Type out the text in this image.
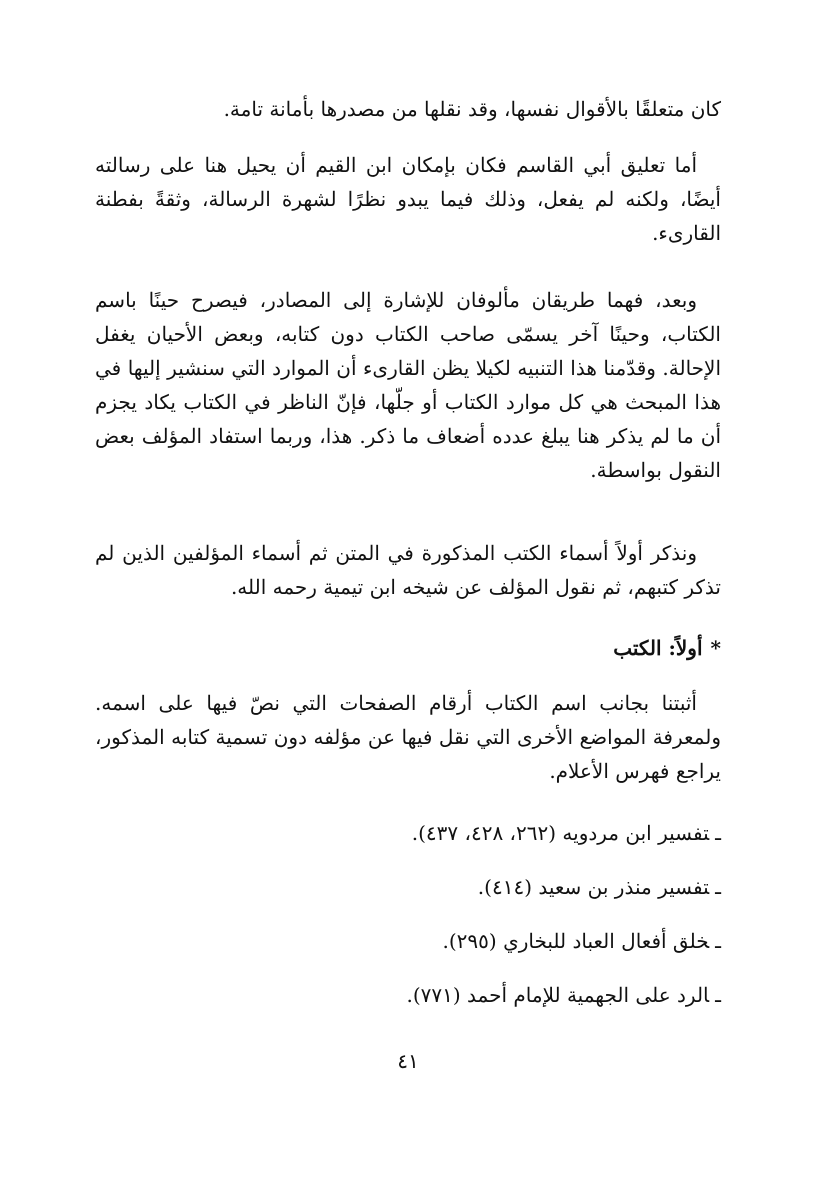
كان متعلقًا بالأقوال نفسها، وقد نقلها من مصدرها بأمانة تامة.

أما تعليق أبي القاسم فكان بإمكان ابن القيم أن يحيل هنا على رسالته أيضًا، ولكنه لم يفعل، وذلك فيما يبدو نظرًا لشهرة الرسالة، وثقةً بفطنة القارىء.

وبعد، فهما طريقان مألوفان للإشارة إلى المصادر، فيصرح حينًا باسم الكتاب، وحينًا آخر يسمّى صاحب الكتاب دون كتابه، وبعض الأحيان يغفل الإحالة. وقدّمنا هذا التنبيه لكيلا يظن القارىء أن الموارد التي سنشير إليها في هذا المبحث هي كل موارد الكتاب أو جلّها، فإنّ الناظر في الكتاب يكاد يجزم أن ما لم يذكر هنا يبلغ عدده أضعاف ما ذكر. هذا، وربما استفاد المؤلف بعض النقول بواسطة.

ونذكر أولاً أسماء الكتب المذكورة في المتن ثم أسماء المؤلفين الذين لم تذكر كتبهم، ثم نقول المؤلف عن شيخه ابن تيمية رحمه الله.

*أولاً: الكتب

أثبتنا بجانب اسم الكتاب أرقام الصفحات التي نصّ فيها على اسمه. ولمعرفة المواضع الأخرى التي نقل فيها عن مؤلفه دون تسمية كتابه المذكور، يراجع فهرس الأعلام.

ـتفسير ابن مردويه (٢٦٢، ٤٢٨، ٤٣٧).
ـتفسير منذر بن سعيد (٤١٤).
ـخلق أفعال العباد للبخاري (٢٩٥).
ـالرد على الجهمية للإمام أحمد (٧٧١).
٤١
